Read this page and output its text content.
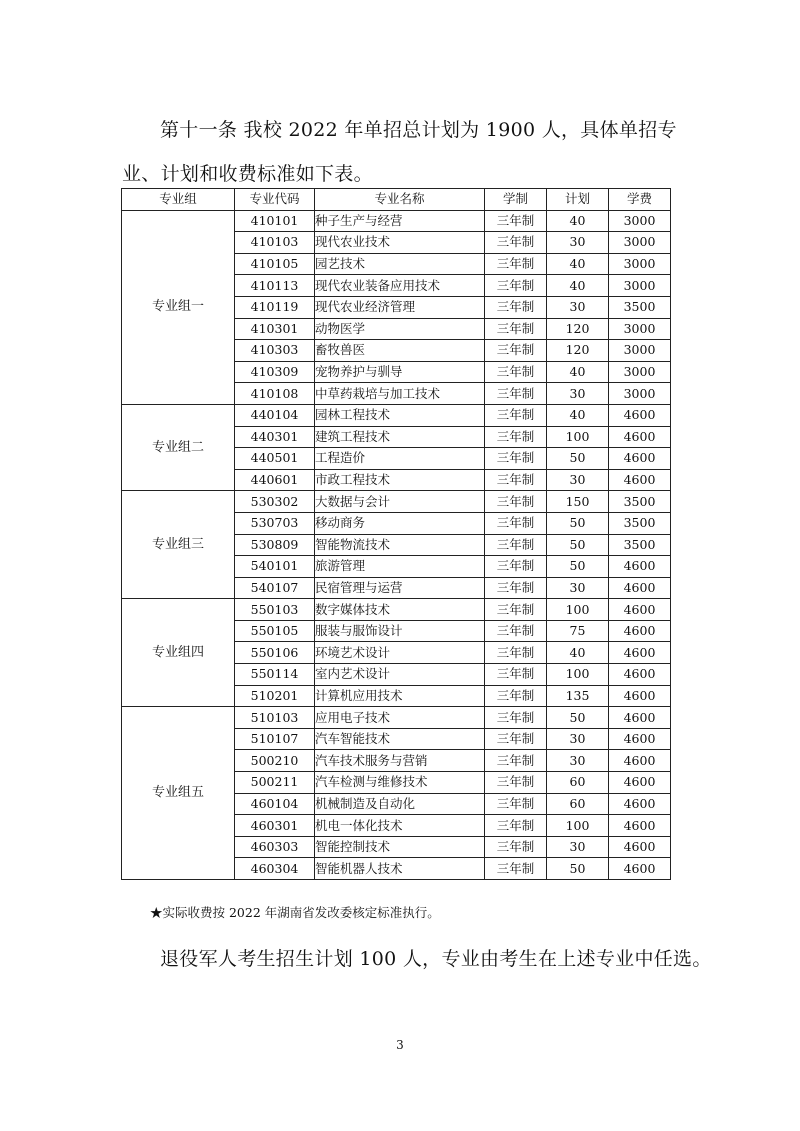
第十一条 我校 2022 年单招总计划为 1900 人，具体单招专业、计划和收费标准如下表。

专业组	专业代码	专业名称	学制	计划	学费
专业组一	410101	种子生产与经营	三年制	40	3000
	410103	现代农业技术	三年制	30	3000
	410105	园艺技术	三年制	40	3000
	410113	现代农业装备应用技术	三年制	40	3000
	410119	现代农业经济管理	三年制	30	3500
	410301	动物医学	三年制	120	3000
	410303	畜牧兽医	三年制	120	3000
	410309	宠物养护与驯导	三年制	40	3000
	410108	中草药栽培与加工技术	三年制	30	3000
专业组二	440104	园林工程技术	三年制	40	4600
	440301	建筑工程技术	三年制	100	4600
	440501	工程造价	三年制	50	4600
	440601	市政工程技术	三年制	30	4600
专业组三	530302	大数据与会计	三年制	150	3500
	530703	移动商务	三年制	50	3500
	530809	智能物流技术	三年制	50	3500
	540101	旅游管理	三年制	50	4600
	540107	民宿管理与运营	三年制	30	4600
专业组四	550103	数字媒体技术	三年制	100	4600
	550105	服装与服饰设计	三年制	75	4600
	550106	环境艺术设计	三年制	40	4600
	550114	室内艺术设计	三年制	100	4600
	510201	计算机应用技术	三年制	135	4600
专业组五	510103	应用电子技术	三年制	50	4600
	510107	汽车智能技术	三年制	30	4600
	500210	汽车技术服务与营销	三年制	30	4600
	500211	汽车检测与维修技术	三年制	60	4600
	460104	机械制造及自动化	三年制	60	4600
	460301	机电一体化技术	三年制	100	4600
	460303	智能控制技术	三年制	30	4600
	460304	智能机器人技术	三年制	50	4600

★实际收费按 2022 年湖南省发改委核定标准执行。

退役军人考生招生计划 100 人，专业由考生在上述专业中任选。

3
